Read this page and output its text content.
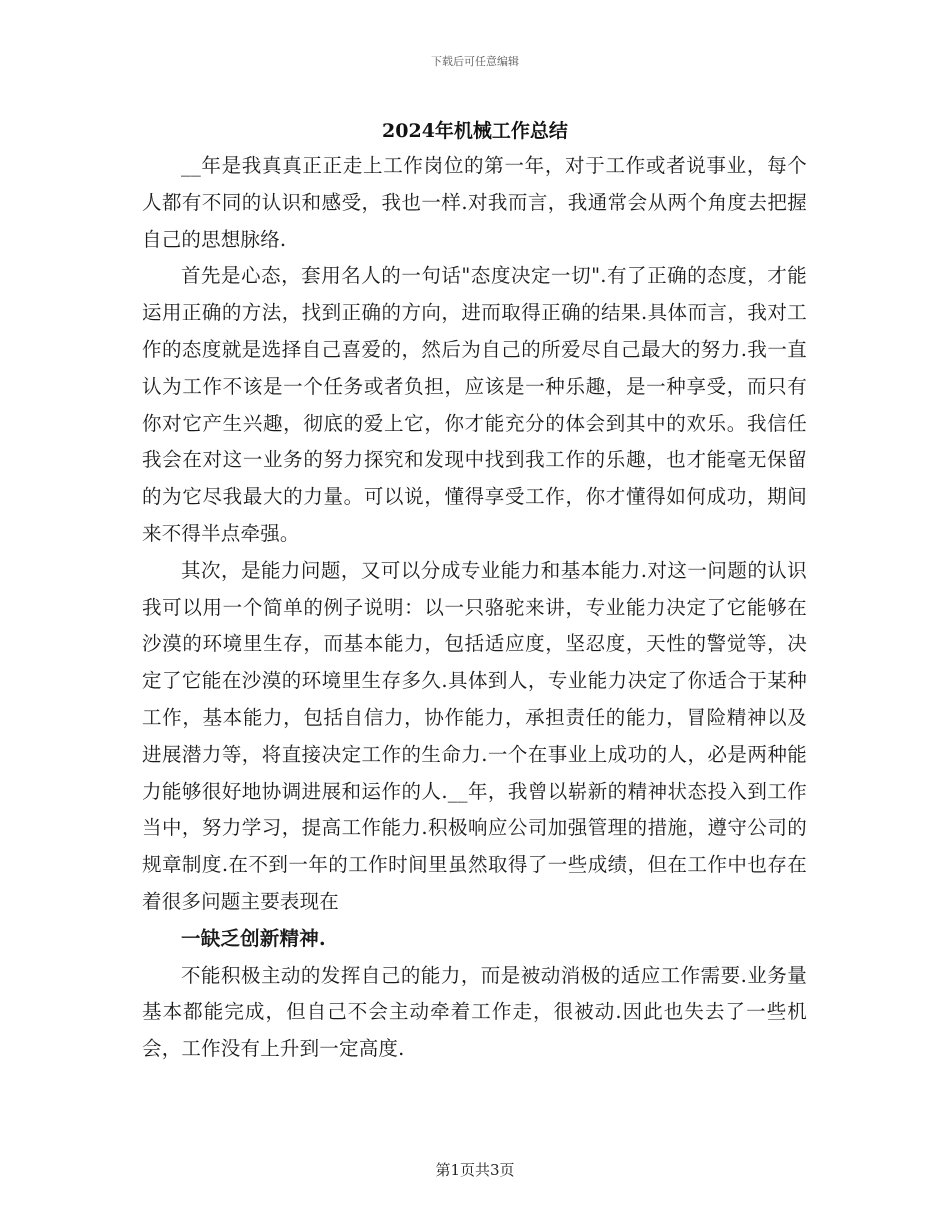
下载后可任意编辑
2024年机械工作总结

__年是我真真正正走上工作岗位的第一年，对于工作或者说事业，每个人都有不同的认识和感受，我也一样.对我而言，我通常会从两个角度去把握自己的思想脉络.

首先是心态，套用名人的一句话"态度决定一切".有了正确的态度，才能运用正确的方法，找到正确的方向，进而取得正确的结果.具体而言，我对工作的态度就是选择自己喜爱的，然后为自己的所爱尽自己最大的努力.我一直认为工作不该是一个任务或者负担，应该是一种乐趣，是一种享受，而只有你对它产生兴趣，彻底的爱上它，你才能充分的体会到其中的欢乐。我信任我会在对这一业务的努力探究和发现中找到我工作的乐趣，也才能毫无保留的为它尽我最大的力量。可以说，懂得享受工作，你才懂得如何成功，期间来不得半点牵强。

其次，是能力问题，又可以分成专业能力和基本能力.对这一问题的认识我可以用一个简单的例子说明：以一只骆驼来讲，专业能力决定了它能够在沙漠的环境里生存，而基本能力，包括适应度，坚忍度，天性的警觉等，决定了它能在沙漠的环境里生存多久.具体到人，专业能力决定了你适合于某种工作，基本能力，包括自信力，协作能力，承担责任的能力，冒险精神以及进展潜力等，将直接决定工作的生命力.一个在事业上成功的人，必是两种能力能够很好地协调进展和运作的人.__年，我曾以崭新的精神状态投入到工作当中，努力学习，提高工作能力.积极响应公司加强管理的措施，遵守公司的规章制度.在不到一年的工作时间里虽然取得了一些成绩，但在工作中也存在着很多问题主要表现在

一缺乏创新精神.

不能积极主动的发挥自己的能力，而是被动消极的适应工作需要.业务量基本都能完成，但自己不会主动牵着工作走，很被动.因此也失去了一些机会，工作没有上升到一定高度.

第1页共3页
